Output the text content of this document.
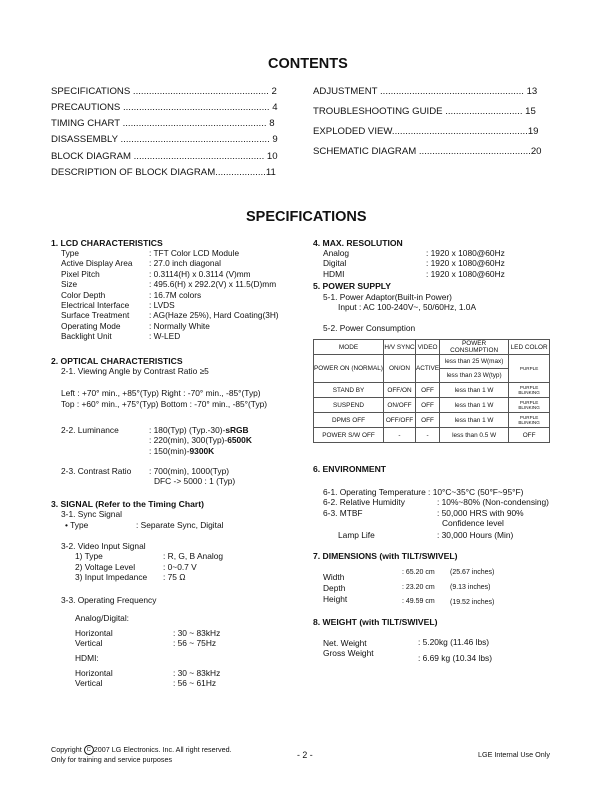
CONTENTS
SPECIFICATIONS ................................................... 2
PRECAUTIONS ....................................................... 4
TIMING CHART ...................................................... 8
DISASSEMBLY ........................................................ 9
BLOCK DIAGRAM ................................................. 10
DESCRIPTION OF BLOCK DIAGRAM...................11
ADJUSTMENT ...................................................... 13
TROUBLESHOOTING GUIDE ............................. 15
EXPLODED VIEW...................................................19
SCHEMATIC DIAGRAM ..........................................20
SPECIFICATIONS
1. LCD CHARACTERISTICS
Type	: TFT Color LCD Module
Active Display Area : 27.0 inch diagonal
Pixel Pitch	: 0.3114(H) x 0.3114 (V)mm
Size	: 495.6(H) x 292.2(V) x 11.5(D)mm
Color Depth	: 16.7M colors
Electrical Interface : LVDS
Surface Treatment : AG(Haze 25%), Hard Coating(3H)
Operating Mode	: Normally White
Backlight Unit	: W-LED
2. OPTICAL CHARACTERISTICS
2-1. Viewing Angle by Contrast Ratio ≥5
Left : +70° min., +85°(Typ) Right : -70° min., -85°(Typ)
Top : +60° min., +75°(Typ) Bottom : -70° min., -85°(Typ)
2-2. Luminance	: 180(Typ) (Typ.-30)-sRGB
: 220(min), 300(Typ)-6500K
: 150(min)-9300K
2-3. Contrast Ratio : 700(min), 1000(Typ)
DFC -> 5000 : 1 (Typ)
3. SIGNAL (Refer to the Timing Chart)
3-1. Sync Signal
• Type	: Separate Sync, Digital
3-2. Video Input Signal
1) Type	: R, G, B Analog
2) Voltage Level	: 0~0.7 V
3) Input Impedance : 75 Ω
3-3. Operating Frequency
Analog/Digital:
Horizontal	: 30 ~ 83kHz
Vertical	: 56 ~ 75Hz
HDMI:
Horizontal	: 30 ~ 83kHz
Vertical	: 56 ~ 61Hz
4. MAX. RESOLUTION
Analog	: 1920 x 1080@60Hz
Digital	: 1920 x 1080@60Hz
HDMI	: 1920 x 1080@60Hz
5. POWER SUPPLY
5-1. Power Adaptor(Built-in Power)
Input : AC 100-240V~, 50/60Hz, 1.0A
5-2. Power Consumption
MODE	H/V SYNC	VIDEO	POWER CONSUMPTION	LED COLOR
POWER ON (NORMAL)	ON/ON	ACTIVE	less than 25 W(max)	PURPLE
			less than 23 W(typ)	
STAND BY	OFF/ON	OFF	less than 1 W	PURPLE BLINKING
SUSPEND	ON/OFF	OFF	less than 1 W	PURPLE BLINKING
DPMS OFF	OFF/OFF	OFF	less than 1 W	PURPLE BLINKING
POWER S/W OFF	-	-	less than 0.5 W	OFF
6. ENVIRONMENT
6-1. Operating Temperature : 10°C~35°C (50°F~95°F)
6-2. Relative Humidity	: 10%~80% (Non-condensing)
6-3. MTBF	: 50,000 HRS with 90%
Confidence level
Lamp Life	: 30,000 Hours (Min)
7. DIMENSIONS (with TILT/SWIVEL)
Width	: 65.20 cm (25.67 inches)
Depth	: 23.20 cm (9.13 inches)
Height	: 49.59 cm (19.52 inches)
8. WEIGHT (with TILT/SWIVEL)
Net. Weight	: 5.20kg (11.46 lbs)
Gross Weight	: 6.69 kg (10.34 lbs)
Copyright C 2007 LG Electronics. Inc. All right reserved.
Only for training and service purposes	- 2 -	LGE Internal Use Only
